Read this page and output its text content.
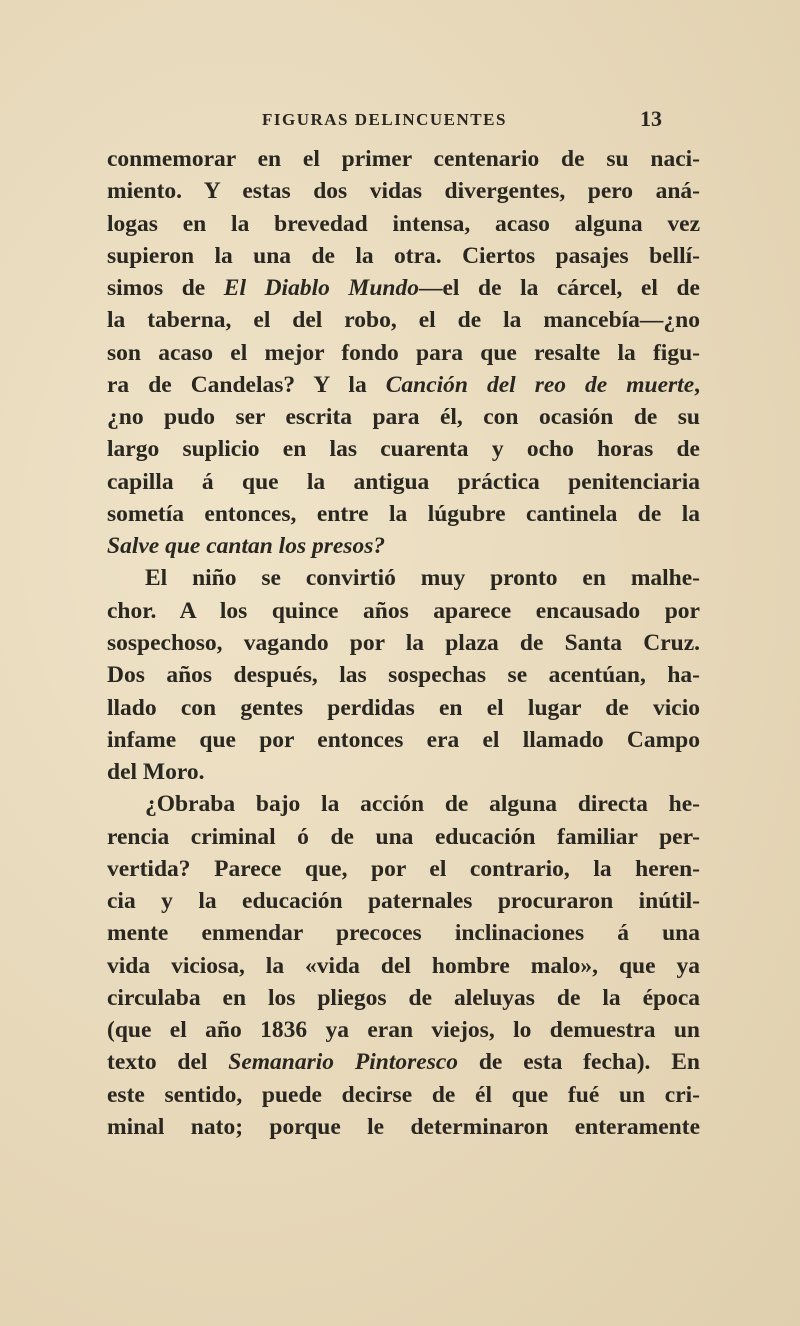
FIGURAS DELINCUENTES	13
conmemorar en el primer centenario de su naci-
miento. Y estas dos vidas divergentes, pero aná-
logas en la brevedad intensa, acaso alguna vez
supieron la una de la otra. Ciertos pasajes bellí-
simos de El Diablo Mundo—el de la cárcel, el de
la taberna, el del robo, el de la mancebía—¿no
son acaso el mejor fondo para que resalte la figu-
ra de Candelas? Y la Canción del reo de muerte,
¿no pudo ser escrita para él, con ocasión de su
largo suplicio en las cuarenta y ocho horas de
capilla á que la antigua práctica penitenciaria
sometía entonces, entre la lúgubre cantinela de la
Salve que cantan los presos?
El niño se convirtió muy pronto en malhe-
chor. A los quince años aparece encausado por
sospechoso, vagando por la plaza de Santa Cruz.
Dos años después, las sospechas se acentúan, ha-
llado con gentes perdidas en el lugar de vicio
infame que por entonces era el llamado Campo
del Moro.
¿Obraba bajo la acción de alguna directa he-
rencia criminal ó de una educación familiar per-
vertida? Parece que, por el contrario, la heren-
cia y la educación paternales procuraron inútil-
mente enmendar precoces inclinaciones á una
vida viciosa, la «vida del hombre malo», que ya
circulaba en los pliegos de aleluyas de la época
(que el año 1836 ya eran viejos, lo demuestra un
texto del Semanario Pintoresco de esta fecha). En
este sentido, puede decirse de él que fué un cri-
minal nato; porque le determinaron enteramente
